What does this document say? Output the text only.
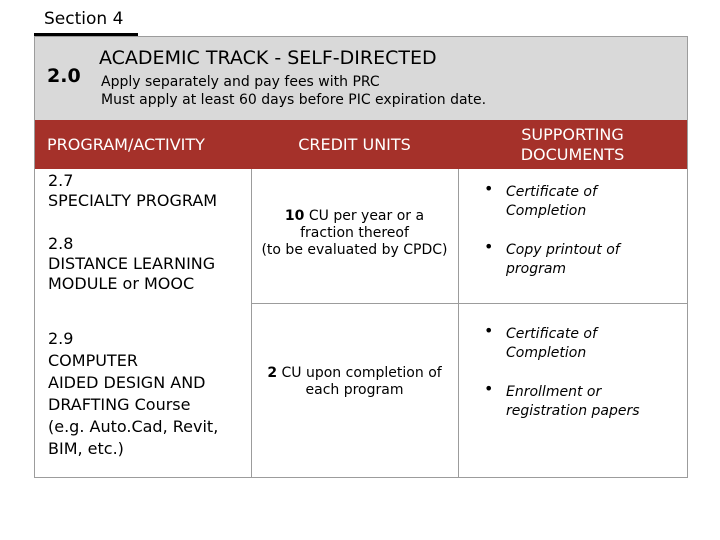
Section 4
2.0
ACADEMIC TRACK - SELF-DIRECTED
Apply separately and pay fees with PRC
Must apply at least 60 days before PIC expiration date.
PROGRAM/ACTIVITY	CREDIT UNITS
SUPPORTING DOCUMENTS
2.7
SPECIALTY PROGRAM
2.8
DISTANCE LEARNING
MODULE or MOOC
10 CU per year or a
fraction thereof
(to be evaluated by CPDC)
• Certificate of
Completion
• Copy printout of
program
2.9
COMPUTER
AIDED DESIGN AND
DRAFTING Course
(e.g. Auto.Cad, Revit,
BIM, etc.)
2 CU upon completion of
each program
• Certificate of
Completion
• Enrollment or
registration papers
